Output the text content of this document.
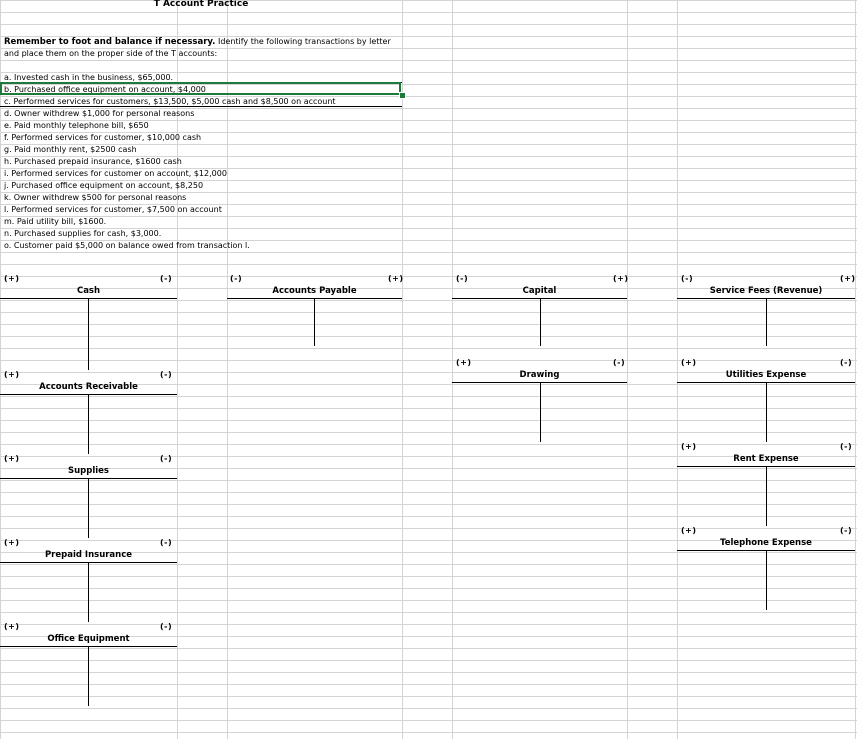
T Account Practice
Remember to foot and balance if necessary. Identify the following transactions by letter and place them on the proper side of the T accounts:
a. Invested cash in the business, $65,000.
b. Purchased office equipment on account, $4,000
c. Performed services for customers, $13,500, $5,000 cash and $8,500 on account
d. Owner withdrew $1,000 for personal reasons
e. Paid monthly telephone bill, $650
f. Performed services for customer, $10,000 cash
g. Paid monthly rent, $2500 cash
h. Purchased prepaid insurance, $1600 cash
i. Performed services for customer on account, $12,000
j. Purchased office equipment on account, $8,250
k. Owner withdrew $500 for personal reasons
l. Performed services for customer, $7,500 on account
m. Paid utility bill, $1600.
n. Purchased supplies for cash, $3,000.
o. Customer paid $5,000 on balance owed from transaction l.
(+)	(-)
Cash
(-)	(+)
Accounts Payable
(-)	(+)
Capital
(-)	(+)
Service Fees (Revenue)
(+)	(-)
Accounts Receivable
(+)	(-)
Drawing
(+)	(-)
Utilities Expense
(+)	(-)
Supplies
(+)	(-)
Rent Expense
(+)	(-)
Prepaid Insurance
(+)	(-)
Telephone Expense
(+)	(-)
Office Equipment
